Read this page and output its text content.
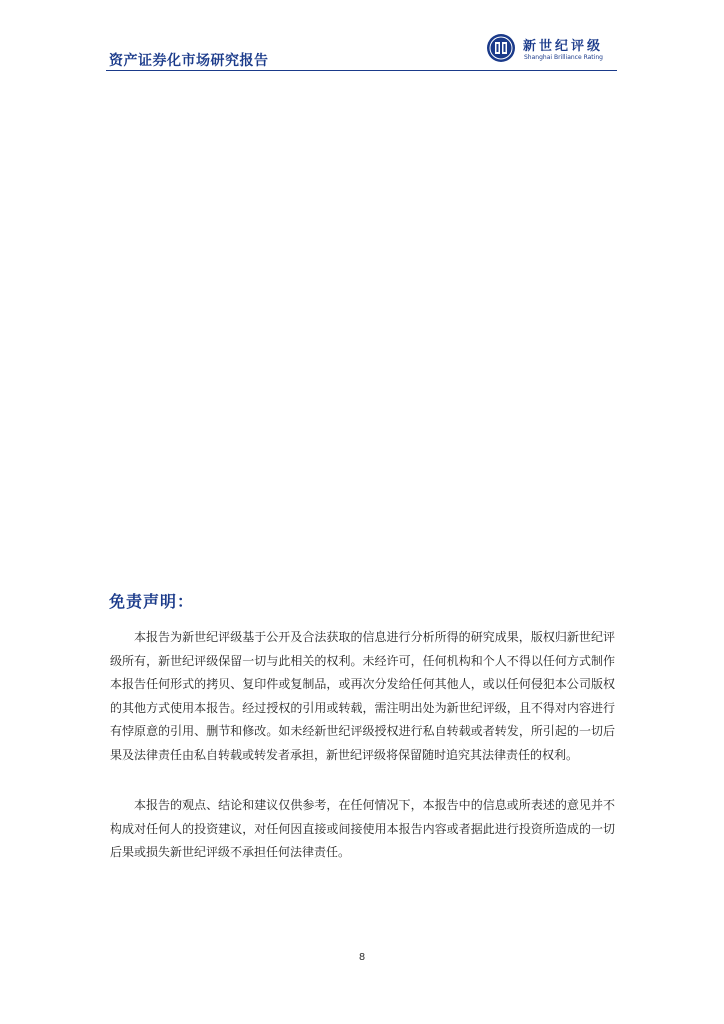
资产证券化市场研究报告
新世纪评级
Shanghai Brilliance Rating
免责声明：

本报告为新世纪评级基于公开及合法获取的信息进行分析所得的研究成果，版权归新世纪评级所有，新世纪评级保留一切与此相关的权利。未经许可，任何机构和个人不得以任何方式制作本报告任何形式的拷贝、复印件或复制品，或再次分发给任何其他人，或以任何侵犯本公司版权的其他方式使用本报告。经过授权的引用或转载，需注明出处为新世纪评级，且不得对内容进行有悖原意的引用、删节和修改。如未经新世纪评级授权进行私自转载或者转发，所引起的一切后果及法律责任由私自转载或转发者承担，新世纪评级将保留随时追究其法律责任的权利。

本报告的观点、结论和建议仅供参考，在任何情况下，本报告中的信息或所表述的意见并不构成对任何人的投资建议，对任何因直接或间接使用本报告内容或者据此进行投资所造成的一切后果或损失新世纪评级不承担任何法律责任。

8
